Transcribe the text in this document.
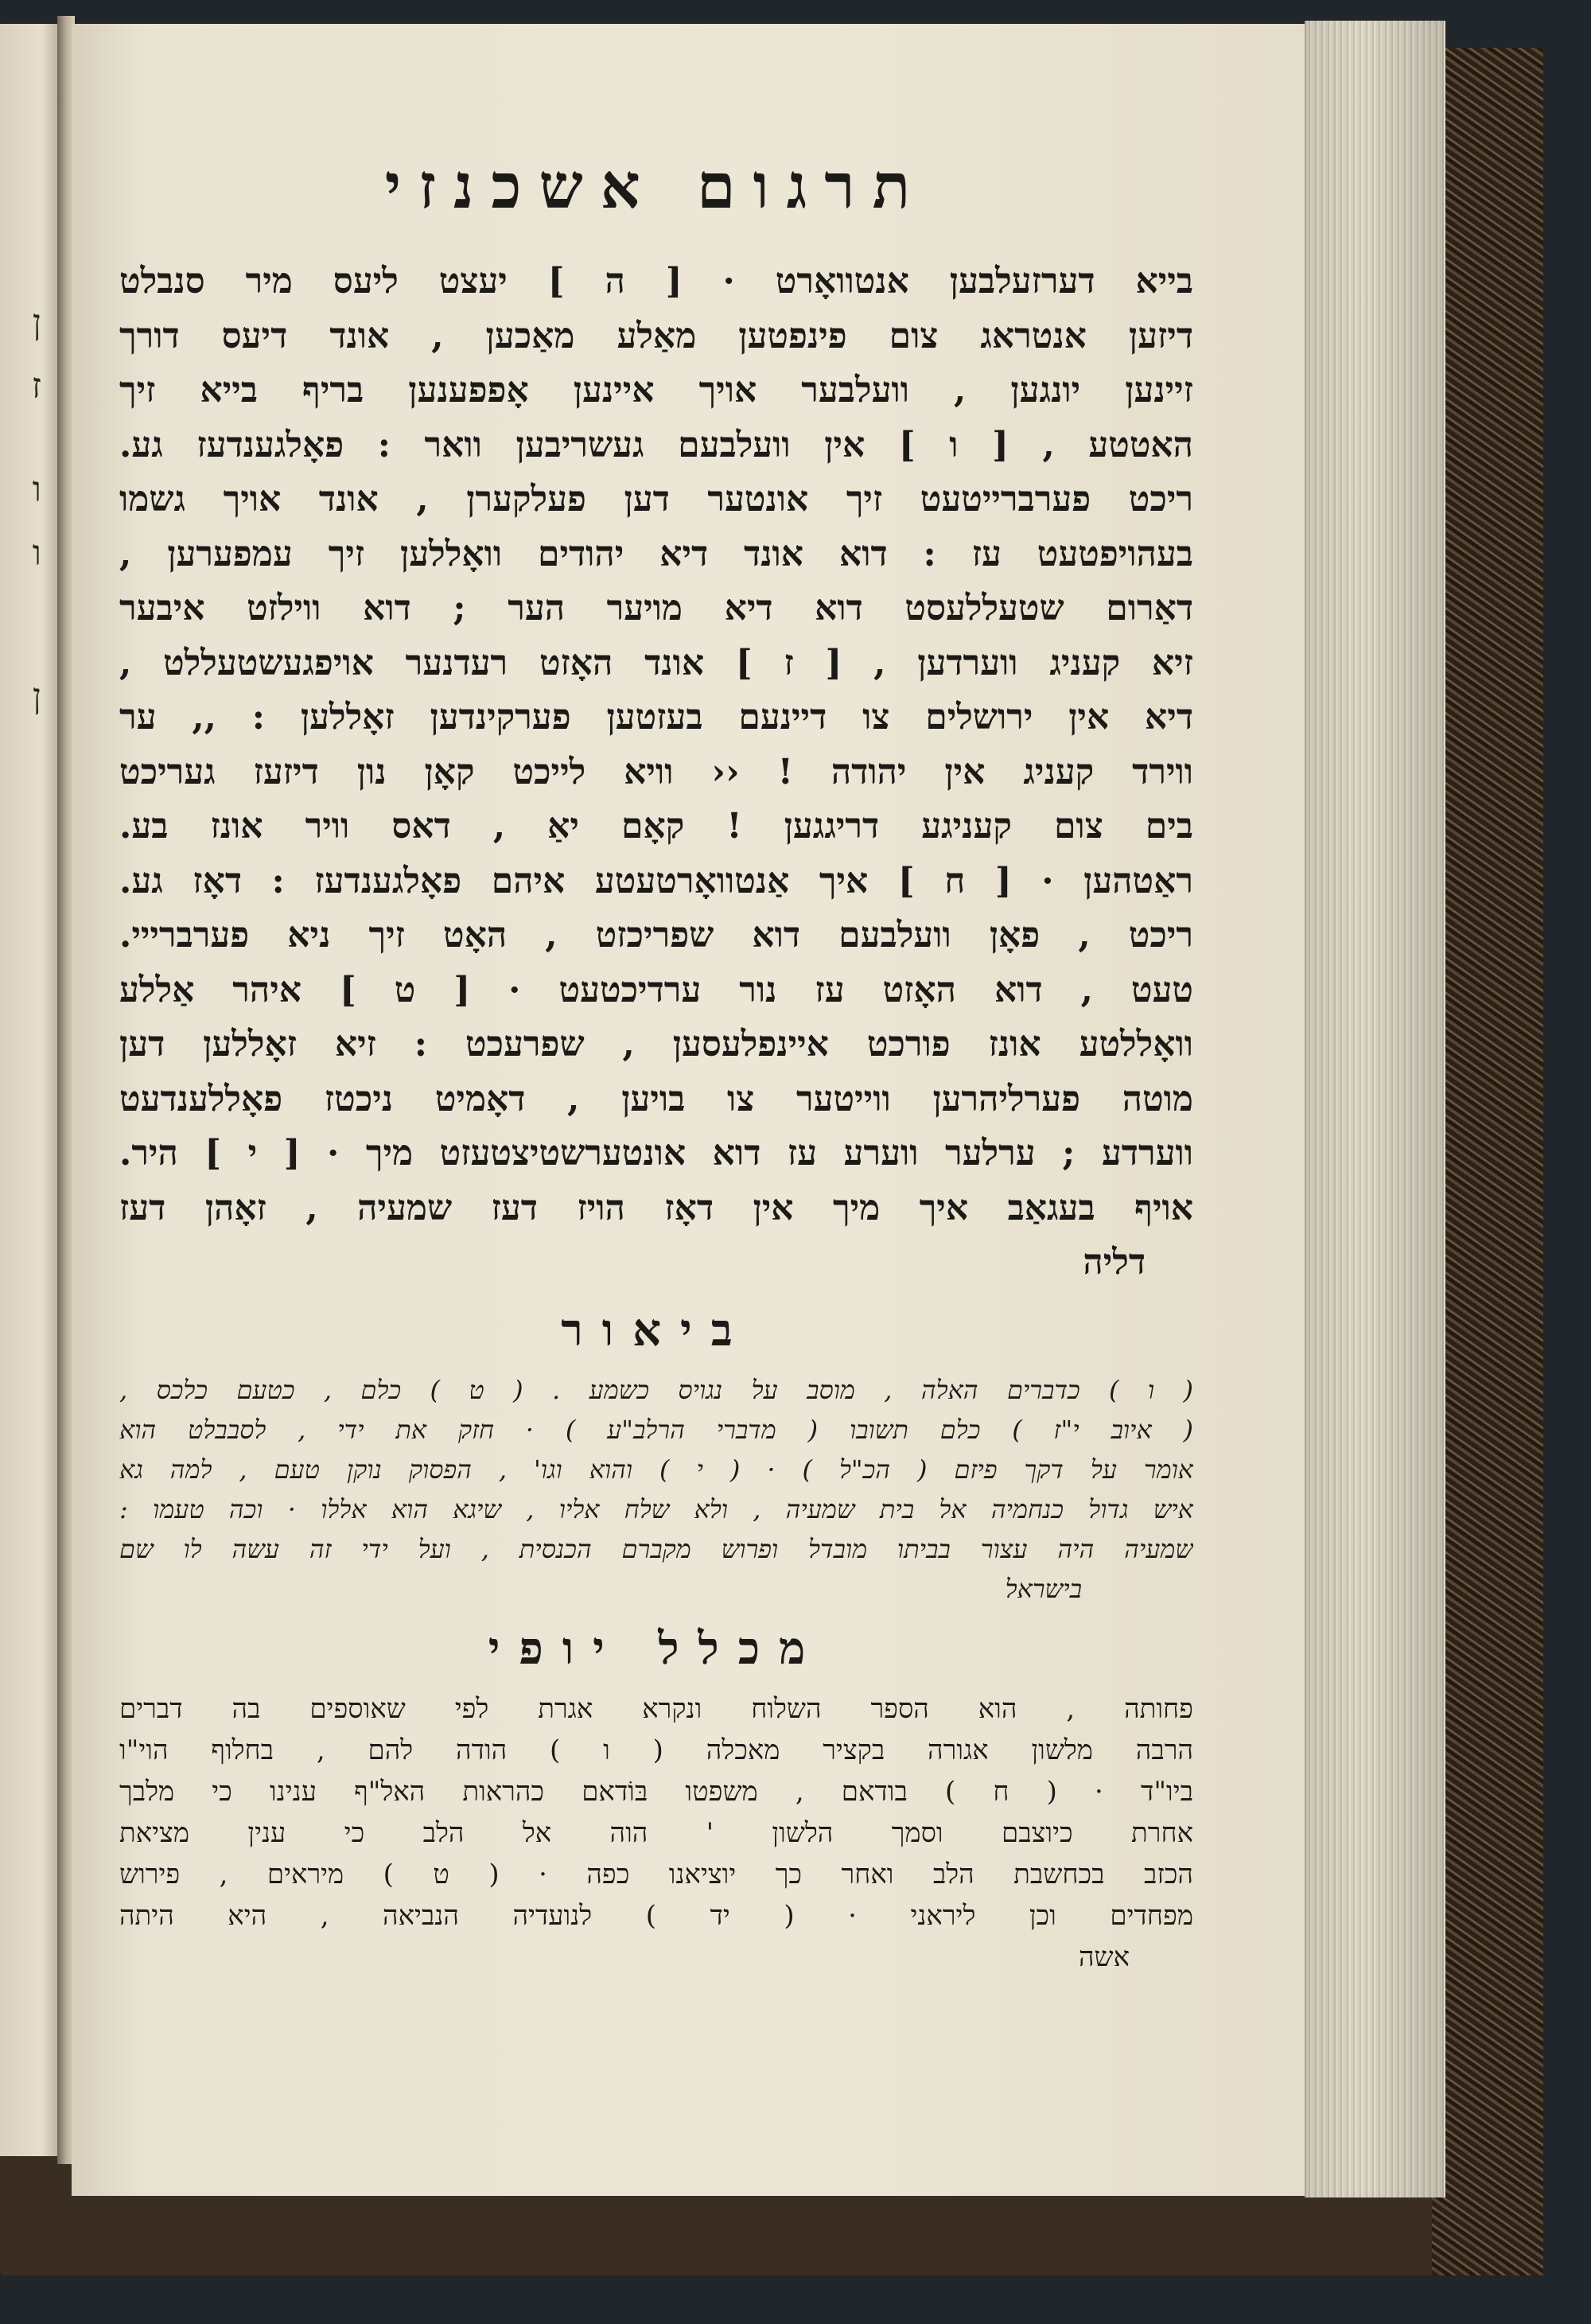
ן
ז
ו
ו
ן
תרגום אשכנזי
בייא דערזעלבען אנטוואָרט · [ ה ] יעצט ליעס מיר סנבלט
דיזען אנטראג צום פינפטען מאַלע מאַכען , אונד דיעס דורך
זיינען יונגען , וועלבער אויך איינען אָפפענען בריף בייא זיך
האטטע , [ ו ] אין וועלבעם געשריבען וואר : פאָלגענדעז גע.
ריכט פערברייטעט זיך אונטער דען פעלקערן , אונד אויך גשמו
בעהויפטעט עז : דוא אונד דיא יהודים וואָללען זיך עמפערען ,
דאַרום שטעללעסט דוא דיא מויער הער ; דוא ווילזט איבער
זיא קעניג ווערדען , [ ז ] אונד האָזט רעדנער אויפגעשטעללט ,
דיא אין ירושלים צו דיינעם בעזטען פערקינדען זאָללען : ,, ער
ווירד קעניג אין יהודה ! ‹‹ וויא לייכט קאָן נון דיזעז געריכט
בים צום קעניגע דריגגען ! קאָם יאַ , דאס וויר אונז בע.
ראַטהען · [ ח ] איך אַנטוואָרטעטע איהם פאָלגענדעז : דאָז גע.
ריכט , פאָן וועלבעם דוא שפריכזט , האָט זיך ניא פערברייי.
טעט , דוא האָזט עז נור ערדיכטעט · [ ט ] איהר אַללע
וואָללטע אונז פורכט איינפלעסען , שפרעכט : זיא זאָללען דען
מוטה פערליהרען ווייטער צו בויען , דאָמיט ניכטז פאָללענדעט
ווערדע ; ערלער ווערע עז דוא אונטערשטיצטעזט מיך · [ י ] היר.
אויף בעגאַב איך מיך אין דאָז הויז דעז שמעיה , זאָהן דעז
דליה
ביאור
( ו ) כדברים האלה , מוסב על נגויס כשמע . ( ט ) כלם , כטעם כלכס ,
( איוב י"ז ) כלם תשובו ( מדברי הרלב"ע ) · חזק את ידי , לסבבלט הוא
אומר על דקך פיזם ( הכ"ל ) · ( י ) והוא וגו' , הפסוק נוקן טעם , למה גא
איש גדול כנחמיה אל בית שמעיה , ולא שלח אליו , שיגא הוא אללו · וכה טעמו :
שמעיה היה עצור בביתו מובדל ופרוש מקברם הכנסית , ועל ידי זה עשה לו שם
בישראל
מכלל יופי
פחותה , הוא הספר השלוח ונקרא אגרת לפי שאוספים בה דברים
הרבה מלשון אגורה בקציר מאכלה ( ו ) הודה להם , בחלוף הוי"ו
ביו"ד · ( ח ) בודאם , משפטו בּוֹדאם כהראות האל"ף ענינו כי מלבך
אחרת כיוצבם וסמך הלשון ' הוה אל הלב כי ענין מציאת
הכזב בכחשבת הלב ואחר כך יוציאנו כפה · ( ט ) מיראים , פירוש
מפחדים וכן ליראני · ( יד ) לנועדיה הנביאה , היא היתה
אשה
